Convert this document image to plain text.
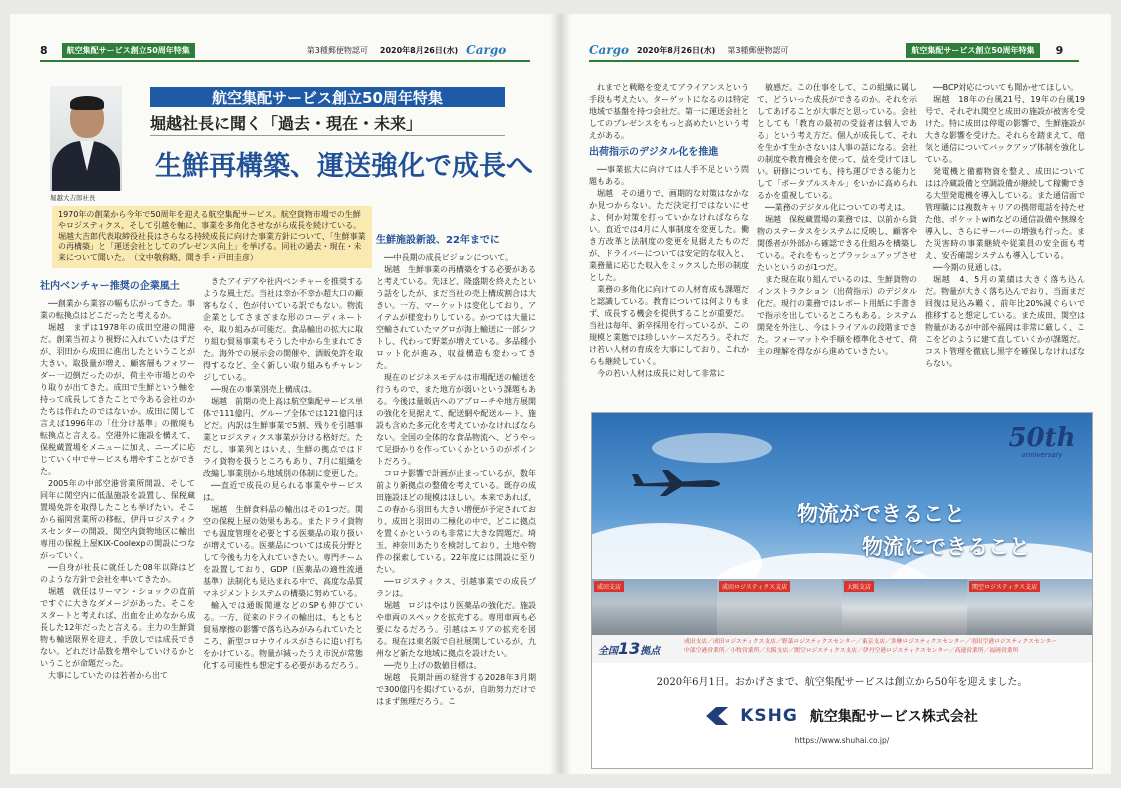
8	航空集配サービス創立50周年特集	第3種郵便物認可 2020年8月26日(水) Cargo
堀越大吉郎社長
航空集配サービス創立50周年特集
堀越社長に聞く「過去・現在・未来」
生鮮再構築、運送強化で成長へ
1970年の創業から今年で50周年を迎える航空集配サービス。航空貨物市場での生鮮やロジスティクス、そして引越を軸に、事業を多角化させながら成長を続けている。堀越大吉郎代表取締役社長はさらなる持続成長に向けた事業方針について、「生鮮事業の再構築」と「運送会社としてのプレゼンス向上」を挙げる。同社の過去・現在・未来について聞いた。　（文中敬称略、聞き手・戸田圭彦）

社内ベンチャー推奨の企業風土

──創業から業容の幅も広がってきた。事業の転換点はどこだったと考えるか。

堀越　まずは1978年の成田空港の開港だ。創業当初より視野に入れていたはずだが、羽田から成田に進出したということが大きい。取扱量が増え、顧客層もフォワーダー一辺倒だったのが、荷主や市場とのやり取りが出てきた。成田で生鮮という軸を持って成長してきたことで今ある会社のかたちは作れたのではないか。成田に関して言えば1996年の「仕分け基準」の撤廃も転換点と言える。空港外に施設を構えて、保税蔵置場をメニューに加え、ニーズに応じていく中でサービスも増やすことができた。

2005年の中部空港営業所開設、そして同年に関空内に低温施設を設置し、保税蔵置場免許を取得したことも挙げたい。そこから福岡営業所の移転、伊丹ロジスティクスセンターの開設、関空内貨物地区に輸出専用の保税上屋KIX-Coolexpの開設につながっていく。

──自身が社長に就任した08年以降はどのような方針で会社を率いてきたか。

堀越　就任はリーマン・ショックの直前ですぐに大きなダメージがあった。そこをスタートと考えれば、出血を止めなから成長した12年だったと言える。主力の生鮮貨物も輸送限界を迎え、手放しでは成長できない。どれだけ品数を増やしていけるかということが命題だった。

大事にしていたのは若者から出て

きたアイデアや社内ベンチャーを推奨するような風土だ。当社は幸か不幸か超大口の顧客もなく、色が付いている訳でもない。物流企業としてさまざまな形のコーディネートや、取り組みが可能だ。食品輸出の拡大に取り組む貿易事業もそうした中から生まれてきた。海外での展示会の開催や、酒販免許を取得するなど、全く新しい取り組みもチャレンジしている。

──現在の事業別売上構成は。

堀越　前期の売上高は航空集配サービス単体で111億円、グループ全体では121億円ほどだ。内訳は生鮮事業で5割、残りを引越事業とロジスティクス事業が分ける格好だ。ただし、事業列とはいえ、生鮮の拠点ではドライ貨物を扱うところもあり、7月に組織を改編し事業別から地域別の体制に変更した。

──直近で成長の見られる事業やサービスは。

堀越　生鮮食料品の輸出はその1つだ。関空の保税上屋の効果もある。またドライ貨物でも温度管理を必要とする医薬品の取り扱いが増えている。医薬品については成長分野として今後も力を入れていきたい。専門チームを設置しており、GDP（医薬品の適性流通基準）法制化も見込まれる中で、高度な品質マネジメントシステムの構築に努めている。

輸入では通販関連などのSPも伸びている。一方、従来のドライの輸出は、もともと貿易摩擦の影響で落ち込みがみられていたところ、新型コロナウイルスがさらに追い打ちをかけている。物量が減ったうえ市況が常態化する可能性も想定する必要があるだろう。

生鮮施設新設、22年までに

──中長期の成長ビジョンについて。

堀越　生鮮事業の再構築をする必要があると考えている。先ほど、隆盛期を終えたという話をしたが、まだ当社の売上構成割合は大きい。一方、マーケットは変化しており、アイテムが様変わりしている。かつては大量に空輸されていたマグロが海上輸送に一部シフトし、代わって野菜が増えている。多品種小ロット化が進み、収益構造も変わってきた。

現在のビジネスモデルは市場配送の輸送を行うもので、また地方が弱いという課題もある。今後は量販店へのアプローチや地方展開の強化を見据えて、配送網や配送ルート、施設も含めた多元化を考えていかなければならない。全国の全体的な食品物流へ、どうやって足掛かりを作っていくかというのがポイントだろう。

コロナ影響で計画が止まっているが、数年前より新拠点の整備を考えている。既存の成田施設ほどの規模はほしい。本来であれば、この春から羽田も大きい増便が予定されており、成田と羽田の二極化の中で、どこに拠点を置くかというのも非常に大きな問題だ。埼玉、神奈川あたりを検討しており、土地や物件の探索している。22年度には開設に至りたい。

──ロジスティクス、引越事業での成長プランは。

堀越　ロジはやはり医薬品の強化だ。施設や車両のスペックを拡充する。専用車両も必要になるだろう。引越はエリアの拡充を図る。現在は東名阪で自社展開しているが、九州など新たな地域に拠点を設けたい。

──売り上げの数値目標は。

堀越　長期計画の経営する2028年3月期で300億円を掲げているが、自助努力だけではまず無理だろう。こ

Cargo 2020年8月26日(水) 第3種郵便物認可	航空集配サービス創立50周年特集	9

れまでと戦略を変えてアライアンスという手段も考えたい。ターゲットになるのは特定地域で基盤を持つ会社だ。第一に運送会社としてのプレゼンスをもっと高めたいという考えがある。

出荷指示のデジタル化を推進

──事業拡大に向けては人手不足という問題もある。

堀越　その通りで、画期的な対策はなかなか見つからない。ただ決定打ではないにせよ、何か対策を打っていかなければならない。直近では4月に人事制度を変更した。働き方改革と法制度の変更を見据えたものだが、ドライバーについては安定的な収入と、業務量に応じた収入をミックスした形の制度とした。

業務の多角化に向けての人材育成も課題だと認識している。教育については何よりもまず、成長する機会を提供することが重要だ。当社は毎年、新卒採用を行っているが、この規模と業態では珍しいケースだろう。それだけ若い人材の育成を大事にしており、これからも継続していく。

今の若い人材は成長に対して非常に

敏感だ。この仕事をして、この組織に属して、どういった成長ができるのか。それを示してあげることが大事だと思っている。会社としても「教育の最初の受益者は個人である」という考え方だ。個人が成長して、それを生かす生かさないは人事の話になる。会社の制度や教育機会を使って、益を受けてほしい。研修についても、持ち運びできる能力として「ポータブルスキル」をいかに高められるかを重視している。

──業務のデジタル化についての考えは。

堀越　保税蔵置場の業務では、以前から貨物のステータスをシステムに反映し、顧客や関係者が外部から確認できる仕組みを構築している。それをもっとブラッシュアップさせたいというのが1つだ。

また現在取り組んでいるのは、生鮮貨物のインストラクション（出荷指示）のデジタル化だ。現行の業務ではレポート用紙に手書きで指示を出しているところもある。システム開発を外注し、今はトライアルの段階まできた。フォーマットや手順を標準化させて、荷主の理解を得ながら進めていきたい。

──BCP対応についても聞かせてほしい。

堀越　18年の台風21号、19年の台風19号で、それぞれ関空と成田の施設が被害を受けた。特に成田は停電の影響で、生鮮施設が大きな影響を受けた。それらを踏まえて、竜気と通信についてバックアップ体制を強化している。

発電機と備蓄物資を整え、成田についてはは冷蔵設備と空調設備が継続して稼働できる大型発電機を導入している。また通信面で管理職には複数キャリアの携帯電話を持たせた他、ポケットwifiなどの通信設備や無線を導入し、さらにサーバーの増強も行った。また災害時の事業継続や従業員の安全面も考え、安否確認システムも導入している。

──今期の見通しは。

堀越　4、5月の業績は大きく落ち込んだ。物量が大きく落ち込んでおり、当面まだ回復は見込み難く、前年比20%減ぐらいで推移すると想定している。また成田、関空は物量があるが中部や福岡は非常に厳しく、ここをどのように建て直していくかが課題だ。コスト管理を徹底し黒字を確保しなければならない。

50th
anniversary
物流ができること
物流にできること
成田支店	成田ロジスティクス支店	大阪支店	関空ロジスティクス支店
全国13拠点
成田支店／成田ロジスティクス支店／野菜ロジスティクスセンター／東京支店／多摩ロジスティクスセンター／羽田空港ロジスティクスセンター
中部空港営業所／小牧営業所／大阪支店／関空ロジスティクス支店／伊丹空港ロジスティクスセンター／高速営業所／福岡営業所
2020年6月1日。おかげさまで、航空集配サービスは創立から50年を迎えました。
KSHG 航空集配サービス株式会社
https://www.shuhai.co.jp/
